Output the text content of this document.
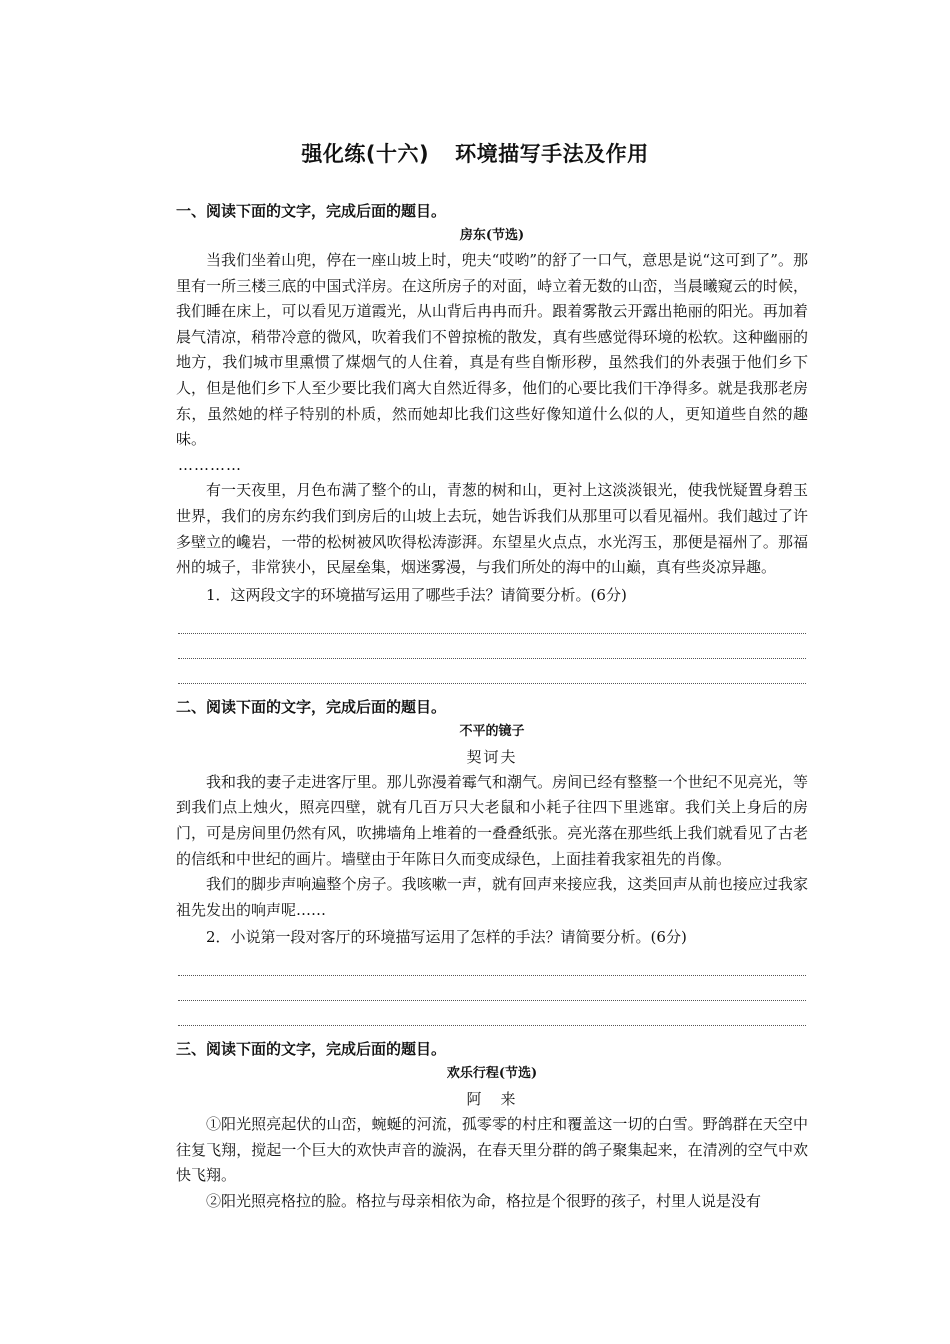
强化练(十六) 环境描写手法及作用
一、阅读下面的文字，完成后面的题目。
房东(节选)

当我们坐着山兜，停在一座山坡上时，兜夫“哎哟”的舒了一口气，意思是说“这可到了”。那里有一所三楼三底的中国式洋房。在这所房子的对面，峙立着无数的山峦，当晨曦窥云的时候，我们睡在床上，可以看见万道霞光，从山背后冉冉而升。跟着雾散云开露出艳丽的阳光。再加着晨气清凉，稍带冷意的微风，吹着我们不曾掠梳的散发，真有些感觉得环境的松软。这种幽丽的地方，我们城市里熏惯了煤烟气的人住着，真是有些自惭形秽，虽然我们的外表强于他们乡下人，但是他们乡下人至少要比我们离大自然近得多，他们的心要比我们干净得多。就是我那老房东，虽然她的样子特别的朴质，然而她却比我们这些好像知道什么似的人，更知道些自然的趣味。

…………

有一天夜里，月色布满了整个的山，青葱的树和山，更衬上这淡淡银光，使我恍疑置身碧玉世界，我们的房东约我们到房后的山坡上去玩，她告诉我们从那里可以看见福州。我们越过了许多壁立的巉岩，一带的松树被风吹得松涛澎湃。东望星火点点，水光泻玉，那便是福州了。那福州的城子，非常狭小，民屋垒集，烟迷雾漫，与我们所处的海中的山巅，真有些炎凉异趣。

1．这两段文字的环境描写运用了哪些手法？请简要分析。(6分)

二、阅读下面的文字，完成后面的题目。
不平的镜子
契诃夫

我和我的妻子走进客厅里。那儿弥漫着霉气和潮气。房间已经有整整一个世纪不见亮光，等到我们点上烛火，照亮四壁，就有几百万只大老鼠和小耗子往四下里逃窜。我们关上身后的房门，可是房间里仍然有风，吹拂墙角上堆着的一叠叠纸张。亮光落在那些纸上我们就看见了古老的信纸和中世纪的画片。墙壁由于年陈日久而变成绿色，上面挂着我家祖先的肖像。

我们的脚步声响遍整个房子。我咳嗽一声，就有回声来接应我，这类回声从前也接应过我家祖先发出的响声呢……

2．小说第一段对客厅的环境描写运用了怎样的手法？请简要分析。(6分)

三、阅读下面的文字，完成后面的题目。
欢乐行程(节选)
阿　来

①阳光照亮起伏的山峦，蜿蜒的河流，孤零零的村庄和覆盖这一切的白雪。野鸽群在天空中往复飞翔，搅起一个巨大的欢快声音的漩涡，在春天里分群的鸽子聚集起来，在清冽的空气中欢快飞翔。

②阳光照亮格拉的脸。格拉与母亲相依为命，格拉是个很野的孩子，村里人说是没有
